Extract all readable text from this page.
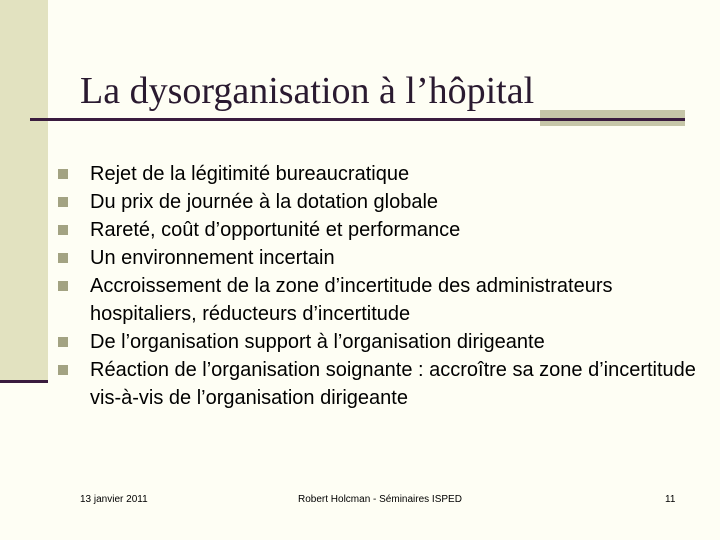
La dysorganisation à l’hôpital
Rejet de la légitimité bureaucratique
Du prix de journée à la dotation globale
Rareté, coût d’opportunité et performance
Un environnement incertain
Accroissement de la zone d’incertitude des administrateurs hospitaliers, réducteurs d’incertitude
De l’organisation support à l’organisation dirigeante
Réaction de l’organisation soignante : accroître sa zone d’incertitude vis-à-vis de l’organisation dirigeante
13 janvier 2011	Robert Holcman - Séminaires ISPED	11
